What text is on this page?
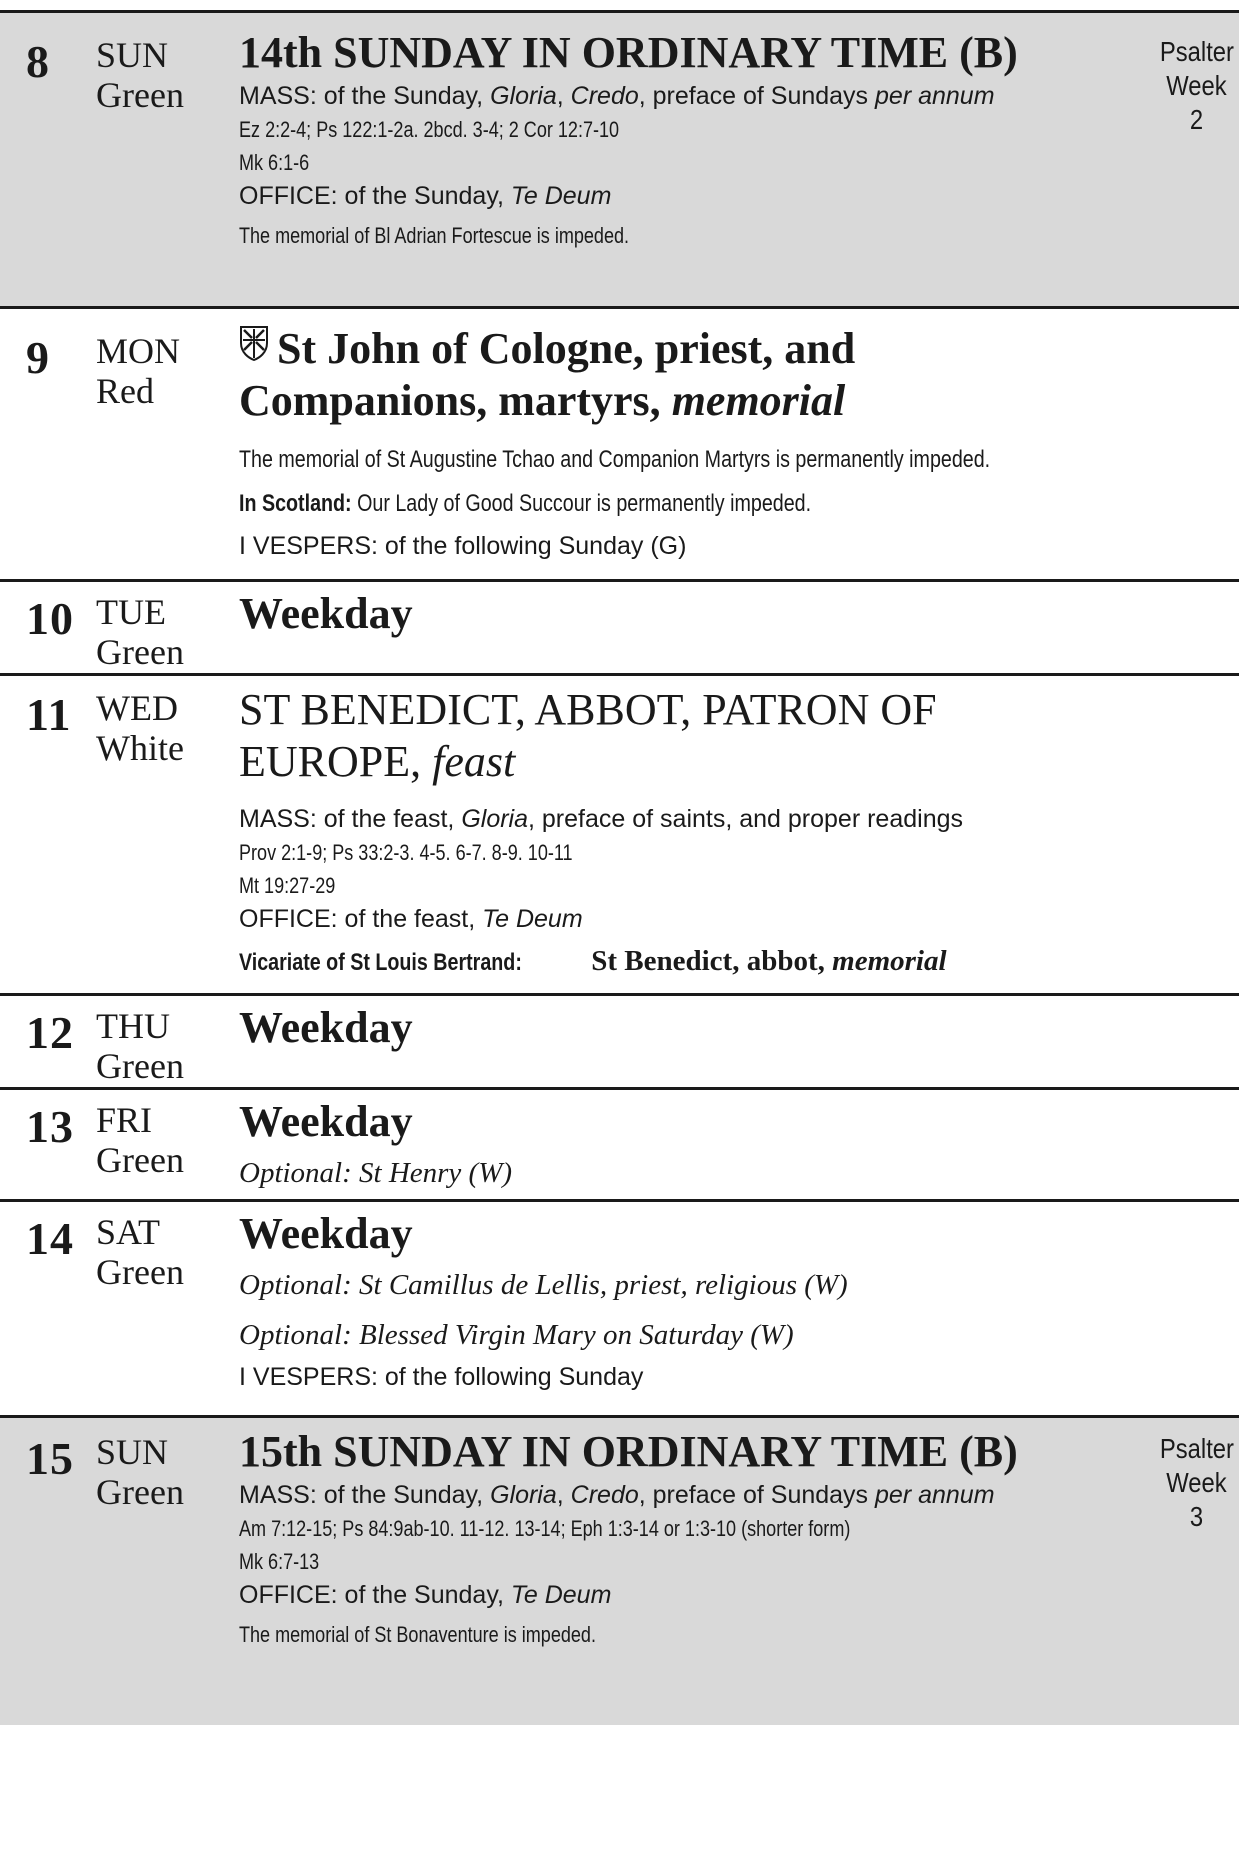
8 SUN
Green
14th SUNDAY IN ORDINARY TIME (B)
MASS: of the Sunday, Gloria, Credo, preface of Sundays per annum
Ez 2:2-4; Ps 122:1-2a. 2bcd. 3-4; 2 Cor 12:7-10
Mk 6:1-6
OFFICE: of the Sunday, Te Deum
The memorial of Bl Adrian Fortescue is impeded.
Psalter
Week
2
9 MON
Red
St John of Cologne, priest, and
Companions, martyrs, memorial
The memorial of St Augustine Tchao and Companion Martyrs is permanently impeded.
In Scotland: Our Lady of Good Succour is permanently impeded.
I VESPERS: of the following Sunday (G)
10 TUE
Green
Weekday
11 WED
White
ST BENEDICT, ABBOT, PATRON OF
EUROPE, feast
MASS: of the feast, Gloria, preface of saints, and proper readings
Prov 2:1-9; Ps 33:2-3. 4-5. 6-7. 8-9. 10-11
Mt 19:27-29
OFFICE: of the feast, Te Deum
Vicariate of St Louis Bertrand: St Benedict, abbot, memorial
12 THU
Green
Weekday
13 FRI
Green
Weekday
Optional: St Henry (W)
14 SAT
Green
Weekday
Optional: St Camillus de Lellis, priest, religious (W)
Optional: Blessed Virgin Mary on Saturday (W)
I VESPERS: of the following Sunday
15 SUN
Green
15th SUNDAY IN ORDINARY TIME (B)
MASS: of the Sunday, Gloria, Credo, preface of Sundays per annum
Am 7:12-15; Ps 84:9ab-10. 11-12. 13-14; Eph 1:3-14 or 1:3-10 (shorter form)
Mk 6:7-13
OFFICE: of the Sunday, Te Deum
The memorial of St Bonaventure is impeded.
Psalter
Week
3
